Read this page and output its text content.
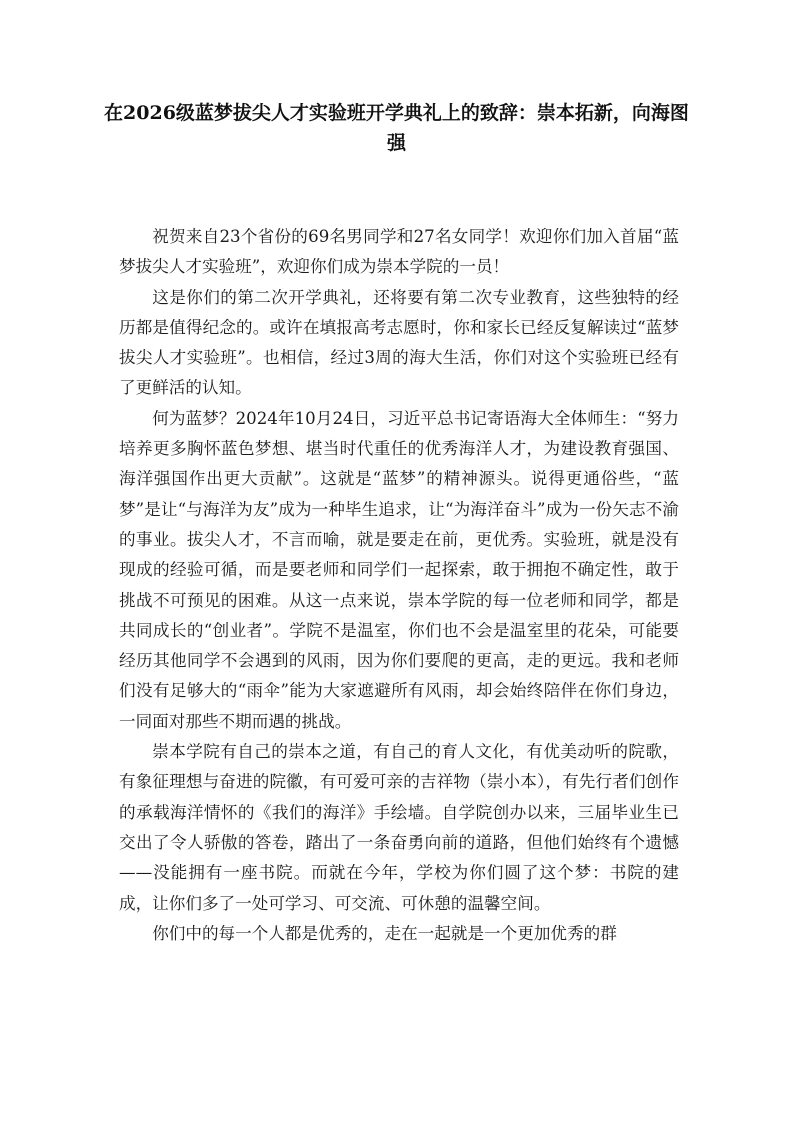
在2026级蓝梦拔尖人才实验班开学典礼上的致辞：崇本拓新，向海图强

祝贺来自23个省份的69名男同学和27名女同学！欢迎你们加入首届“蓝梦拔尖人才实验班”，欢迎你们成为崇本学院的一员！

这是你们的第二次开学典礼，还将要有第二次专业教育，这些独特的经历都是值得纪念的。或许在填报高考志愿时，你和家长已经反复解读过“蓝梦拔尖人才实验班”。也相信，经过3周的海大生活，你们对这个实验班已经有了更鲜活的认知。

何为蓝梦？2024年10月24日，习近平总书记寄语海大全体师生：“努力培养更多胸怀蓝色梦想、堪当时代重任的优秀海洋人才，为建设教育强国、海洋强国作出更大贡献”。这就是“蓝梦”的精神源头。说得更通俗些，“蓝梦”是让“与海洋为友”成为一种毕生追求，让“为海洋奋斗”成为一份矢志不渝的事业。拔尖人才，不言而喻，就是要走在前，更优秀。实验班，就是没有现成的经验可循，而是要老师和同学们一起探索，敢于拥抱不确定性，敢于挑战不可预见的困难。从这一点来说，崇本学院的每一位老师和同学，都是共同成长的“创业者”。学院不是温室，你们也不会是温室里的花朵，可能要经历其他同学不会遇到的风雨，因为你们要爬的更高，走的更远。我和老师们没有足够大的“雨伞”能为大家遮避所有风雨，却会始终陪伴在你们身边，一同面对那些不期而遇的挑战。

崇本学院有自己的崇本之道，有自己的育人文化，有优美动听的院歌，有象征理想与奋进的院徽，有可爱可亲的吉祥物（崇小本），有先行者们创作的承载海洋情怀的《我们的海洋》手绘墙。自学院创办以来，三届毕业生已交出了令人骄傲的答卷，踏出了一条奋勇向前的道路，但他们始终有个遗憾——没能拥有一座书院。而就在今年，学校为你们圆了这个梦：书院的建成，让你们多了一处可学习、可交流、可休憩的温馨空间。

你们中的每一个人都是优秀的，走在一起就是一个更加优秀的群
